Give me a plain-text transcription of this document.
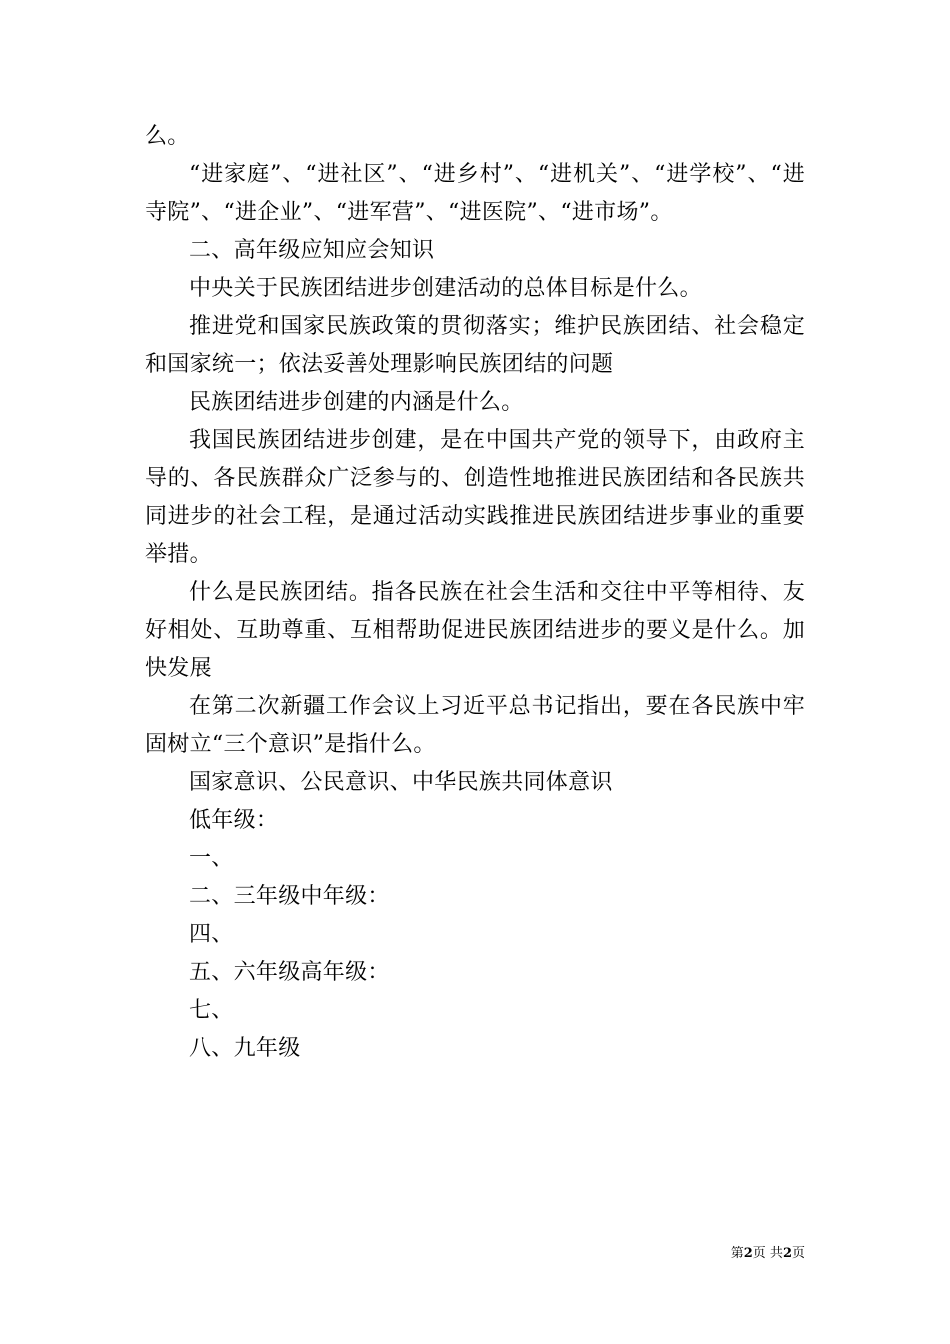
么。

“进家庭”、“进社区”、“进乡村”、“进机关”、“进学校”、“进寺院”、“进企业”、“进军营”、“进医院”、“进市场”。

二、高年级应知应会知识

中央关于民族团结进步创建活动的总体目标是什么。

推进党和国家民族政策的贯彻落实；维护民族团结、社会稳定和国家统一；依法妥善处理影响民族团结的问题

民族团结进步创建的内涵是什么。

我国民族团结进步创建，是在中国共产党的领导下，由政府主导的、各民族群众广泛参与的、创造性地推进民族团结和各民族共同进步的社会工程，是通过活动实践推进民族团结进步事业的重要举措。

什么是民族团结。指各民族在社会生活和交往中平等相待、友好相处、互助尊重、互相帮助促进民族团结进步的要义是什么。加快发展

在第二次新疆工作会议上习近平总书记指出，要在各民族中牢固树立“三个意识”是指什么。

国家意识、公民意识、中华民族共同体意识

低年级：

一、

二、三年级中年级：

四、

五、六年级高年级：

七、

八、九年级

第2页 共2页
